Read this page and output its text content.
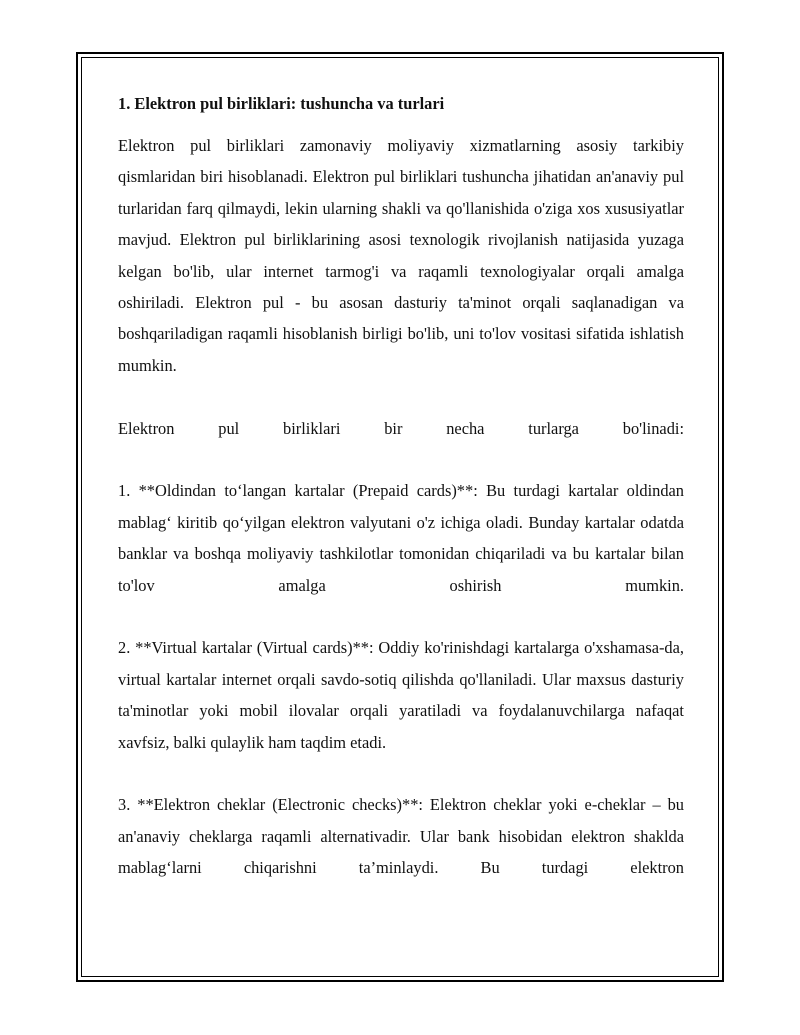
1. Elektron pul birliklari: tushuncha va turlari

Elektron pul birliklari zamonaviy moliyaviy xizmatlarning asosiy tarkibiy qismlaridan biri hisoblanadi. Elektron pul birliklari tushuncha jihatidan an'anaviy pul turlaridan farq qilmaydi, lekin ularning shakli va qo'llanishida o'ziga xos xususiyatlar mavjud. Elektron pul birliklarining asosi texnologik rivojlanish natijasida yuzaga kelgan bo'lib, ular internet tarmog'i va raqamli texnologiyalar orqali amalga oshiriladi. Elektron pul - bu asosan dasturiy ta'minot orqali saqlanadigan va boshqariladigan raqamli hisoblanish birligi bo'lib, uni to'lov vositasi sifatida ishlatish mumkin.

Elektron pul birliklari bir necha turlarga bo'linadi:

1. **Oldindan to‘langan kartalar (Prepaid cards)**: Bu turdagi kartalar oldindan mablag‘ kiritib qo‘yilgan elektron valyutani o'z ichiga oladi. Bunday kartalar odatda banklar va boshqa moliyaviy tashkilotlar tomonidan chiqariladi va bu kartalar bilan to'lov amalga oshirish mumkin.

2. **Virtual kartalar (Virtual cards)**: Oddiy ko'rinishdagi kartalarga o'xshamasa-da, virtual kartalar internet orqali savdo-sotiq qilishda qo'llaniladi. Ular maxsus dasturiy ta'minotlar yoki mobil ilovalar orqali yaratiladi va foydalanuvchilarga nafaqat xavfsiz, balki qulaylik ham taqdim etadi.

3. **Elektron cheklar (Electronic checks)**: Elektron cheklar yoki e-cheklar – bu an'anaviy cheklarga raqamli alternativadir. Ular bank hisobidan elektron shaklda mablag‘larni chiqarishni ta’minlaydi. Bu turdagi elektron
